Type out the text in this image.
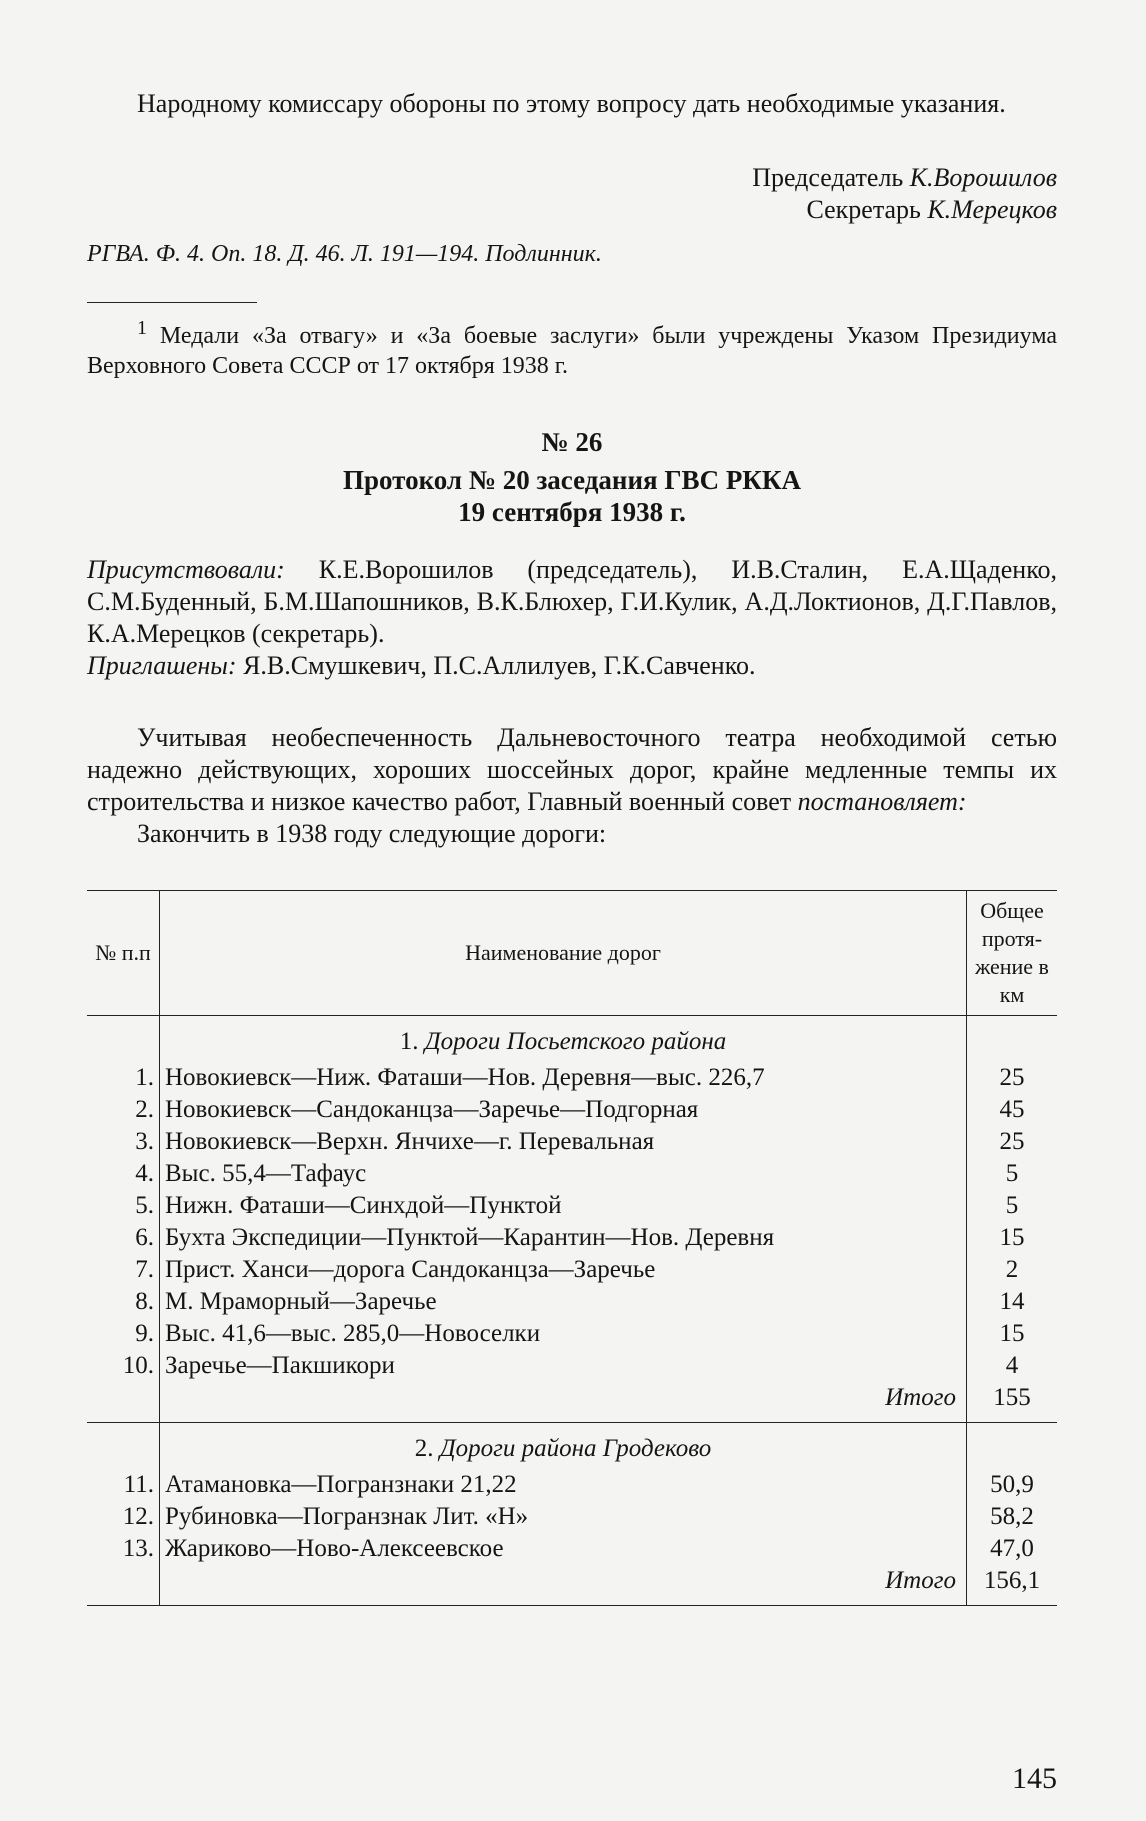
Народному комиссару обороны по этому вопросу дать необходимые указания.

Председатель К.Ворошилов
Секретарь К.Мерецков

РГВА. Ф. 4. Оп. 18. Д. 46. Л. 191—194. Подлинник.

$^1$ Медали «За отвагу» и «За боевые заслуги» были учреждены Указом Президиума Верховного Совета СССР от 17 октября 1938 г.

№ 26
Протокол № 20 заседания ГВС РККА
19 сентября 1938 г.

Присутствовали: К.Е.Ворошилов (председатель), И.В.Сталин, Е.А.Щаденко, С.М.Буденный, Б.М.Шапошников, В.К.Блюхер, Г.И.Кулик, А.Д.Локтионов, Д.Г.Павлов, К.А.Мерецков (секретарь).

Приглашены: Я.В.Смушкевич, П.С.Аллилуев, Г.К.Савченко.

Учитывая необеспеченность Дальневосточного театра необходимой сетью надежно действующих, хороших шоссейных дорог, крайне медленные темпы их строительства и низкое качество работ, Главный военный совет постановляет:

Закончить в 1938 году следующие дороги:

№ п.п	Наименование дорог	Общее протя-жение в км
	1. Дороги Посьетского района	
1.	Новокиевск—Ниж. Фаташи—Нов. Деревня—выс. 226,7	25
2.	Новокиевск—Сандоканцза—Заречье—Подгорная	45
3.	Новокиевск—Верхн. Янчихе—г. Перевальная	25
4.	Выс. 55,4—Тафаус	5
5.	Нижн. Фаташи—Синхдой—Пунктой	5
6.	Бухта Экспедиции—Пунктой—Карантин—Нов. Деревня	15
7.	Прист. Ханси—дорога Сандоканцза—Заречье	2
8.	М. Мраморный—Заречье	14
9.	Выс. 41,6—выс. 285,0—Новоселки	15
10.	Заречье—Пакшикори	4
	Итого	155

	2. Дороги района Гродеково	
11.	Атамановка—Погранзнаки 21,22	50,9
12.	Рубиновка—Погранзнак Лит. «Н»	58,2
13.	Жариково—Ново-Алексеевское	47,0
	Итого	156,1
145
